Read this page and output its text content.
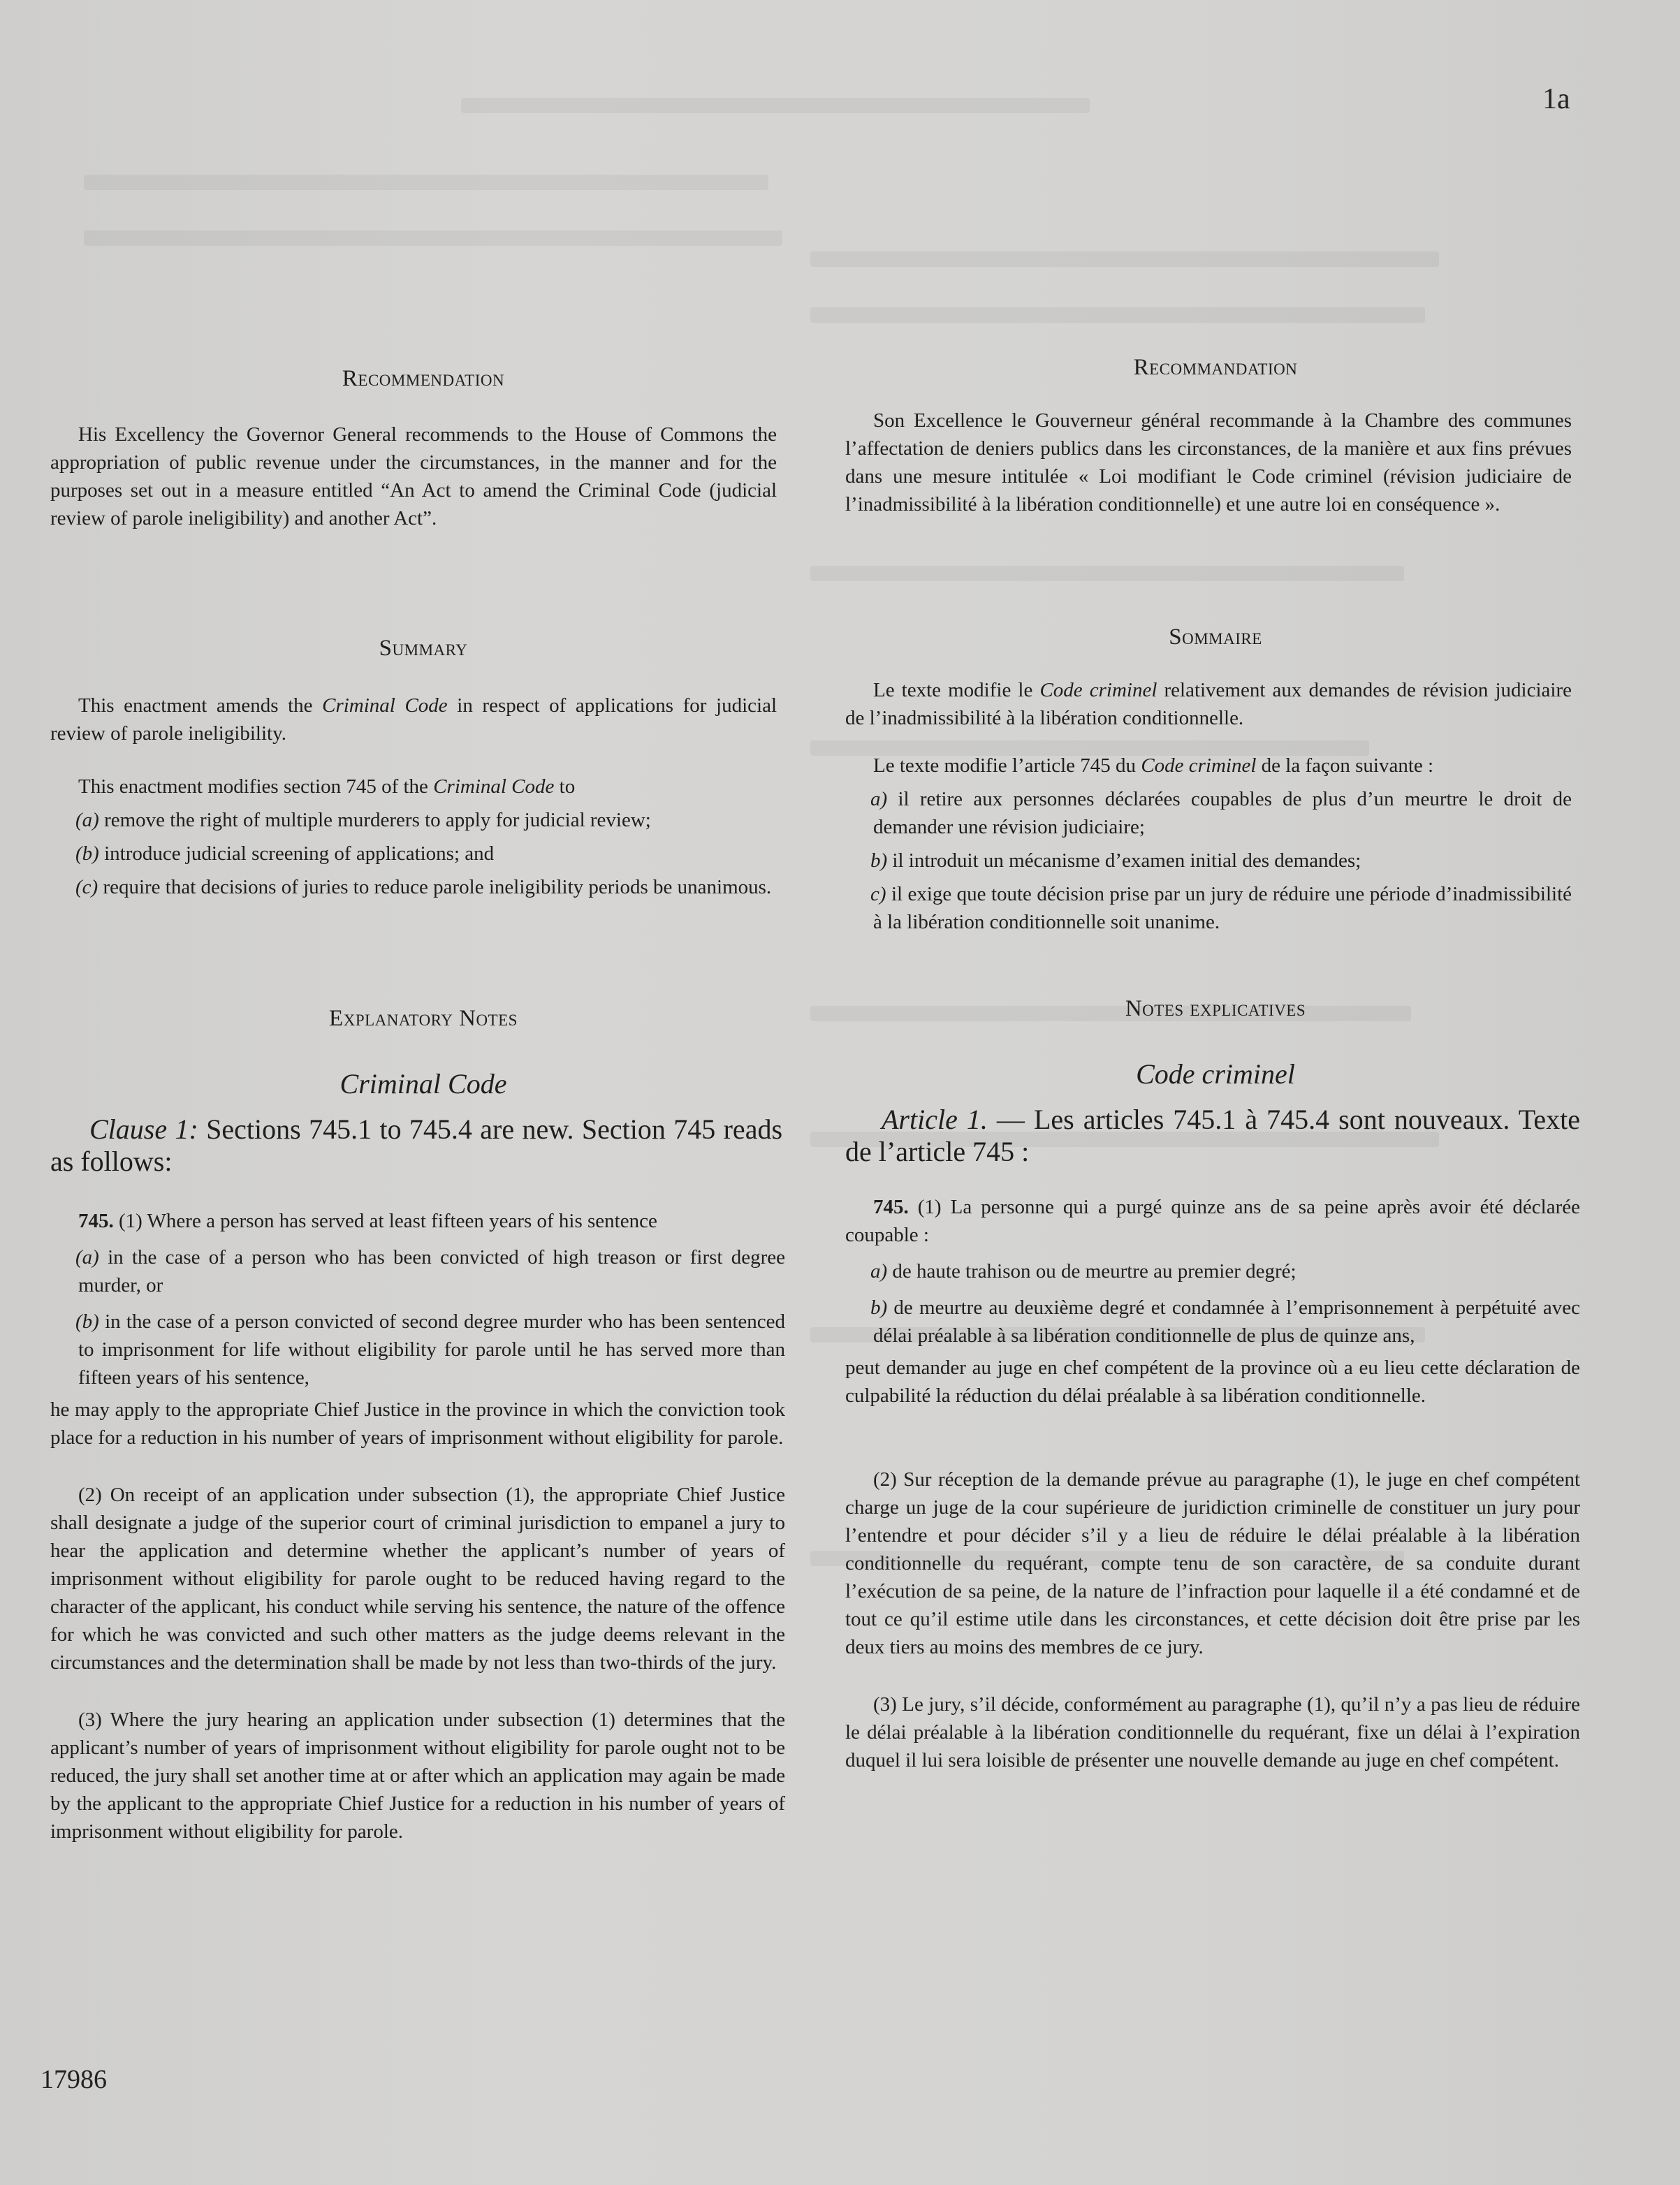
1a
Recommendation

His Excellency the Governor General recommends to the House of Commons the appropriation of public revenue under the circumstances, in the manner and for the purposes set out in a measure entitled “An Act to amend the Criminal Code (judicial review of parole ineligibility) and another Act”.

Summary

This enactment amends the Criminal Code in respect of applications for judicial review of parole ineligibility.

This enactment modifies section 745 of the Criminal Code to

(a) remove the right of multiple murderers to apply for judicial review;

(b) introduce judicial screening of applications; and

(c) require that decisions of juries to reduce parole ineligibility periods be unanimous.

Explanatory Notes
Criminal Code
Clause 1: Sections 745.1 to 745.4 are new. Section 745 reads as follows:

745. (1) Where a person has served at least fifteen years of his sentence

(a) in the case of a person who has been convicted of high treason or first degree murder, or

(b) in the case of a person convicted of second degree murder who has been sentenced to imprisonment for life without eligibility for parole until he has served more than fifteen years of his sentence,

he may apply to the appropriate Chief Justice in the province in which the conviction took place for a reduction in his number of years of imprisonment without eligibility for parole.

(2) On receipt of an application under subsection (1), the appropriate Chief Justice shall designate a judge of the superior court of criminal jurisdiction to empanel a jury to hear the application and determine whether the applicant’s number of years of imprisonment without eligibility for parole ought to be reduced having regard to the character of the applicant, his conduct while serving his sentence, the nature of the offence for which he was convicted and such other matters as the judge deems relevant in the circumstances and the determination shall be made by not less than two-thirds of the jury.

(3) Where the jury hearing an application under subsection (1) determines that the applicant’s number of years of imprisonment without eligibility for parole ought not to be reduced, the jury shall set another time at or after which an application may again be made by the applicant to the appropriate Chief Justice for a reduction in his number of years of imprisonment without eligibility for parole.

Recommandation

Son Excellence le Gouverneur général recommande à la Chambre des communes l’affectation de deniers publics dans les circonstances, de la manière et aux fins prévues dans une mesure intitulée « Loi modifiant le Code criminel (révision judiciaire de l’inadmissibilité à la libération conditionnelle) et une autre loi en conséquence ».

Sommaire

Le texte modifie le Code criminel relativement aux demandes de révision judiciaire de l’inadmissibilité à la libération conditionnelle.

Le texte modifie l’article 745 du Code criminel de la façon suivante :

a) il retire aux personnes déclarées coupables de plus d’un meurtre le droit de demander une révision judiciaire;

b) il introduit un mécanisme d’examen initial des demandes;

c) il exige que toute décision prise par un jury de réduire une période d’inadmissibilité à la libération conditionnelle soit unanime.

Notes explicatives
Code criminel
Article 1. — Les articles 745.1 à 745.4 sont nouveaux. Texte de l’article 745 :

745. (1) La personne qui a purgé quinze ans de sa peine après avoir été déclarée coupable :

a) de haute trahison ou de meurtre au premier degré;

b) de meurtre au deuxième degré et condamnée à l’emprisonnement à perpétuité avec délai préalable à sa libération conditionnelle de plus de quinze ans,

peut demander au juge en chef compétent de la province où a eu lieu cette déclaration de culpabilité la réduction du délai préalable à sa libération conditionnelle.

(2) Sur réception de la demande prévue au paragraphe (1), le juge en chef compétent charge un juge de la cour supérieure de juridiction criminelle de constituer un jury pour l’entendre et pour décider s’il y a lieu de réduire le délai préalable à la libération conditionnelle du requérant, compte tenu de son caractère, de sa conduite durant l’exécution de sa peine, de la nature de l’infraction pour laquelle il a été condamné et de tout ce qu’il estime utile dans les circonstances, et cette décision doit être prise par les deux tiers au moins des membres de ce jury.

(3) Le jury, s’il décide, conformément au paragraphe (1), qu’il n’y a pas lieu de réduire le délai préalable à la libération conditionnelle du requérant, fixe un délai à l’expiration duquel il lui sera loisible de présenter une nouvelle demande au juge en chef compétent.

17986
